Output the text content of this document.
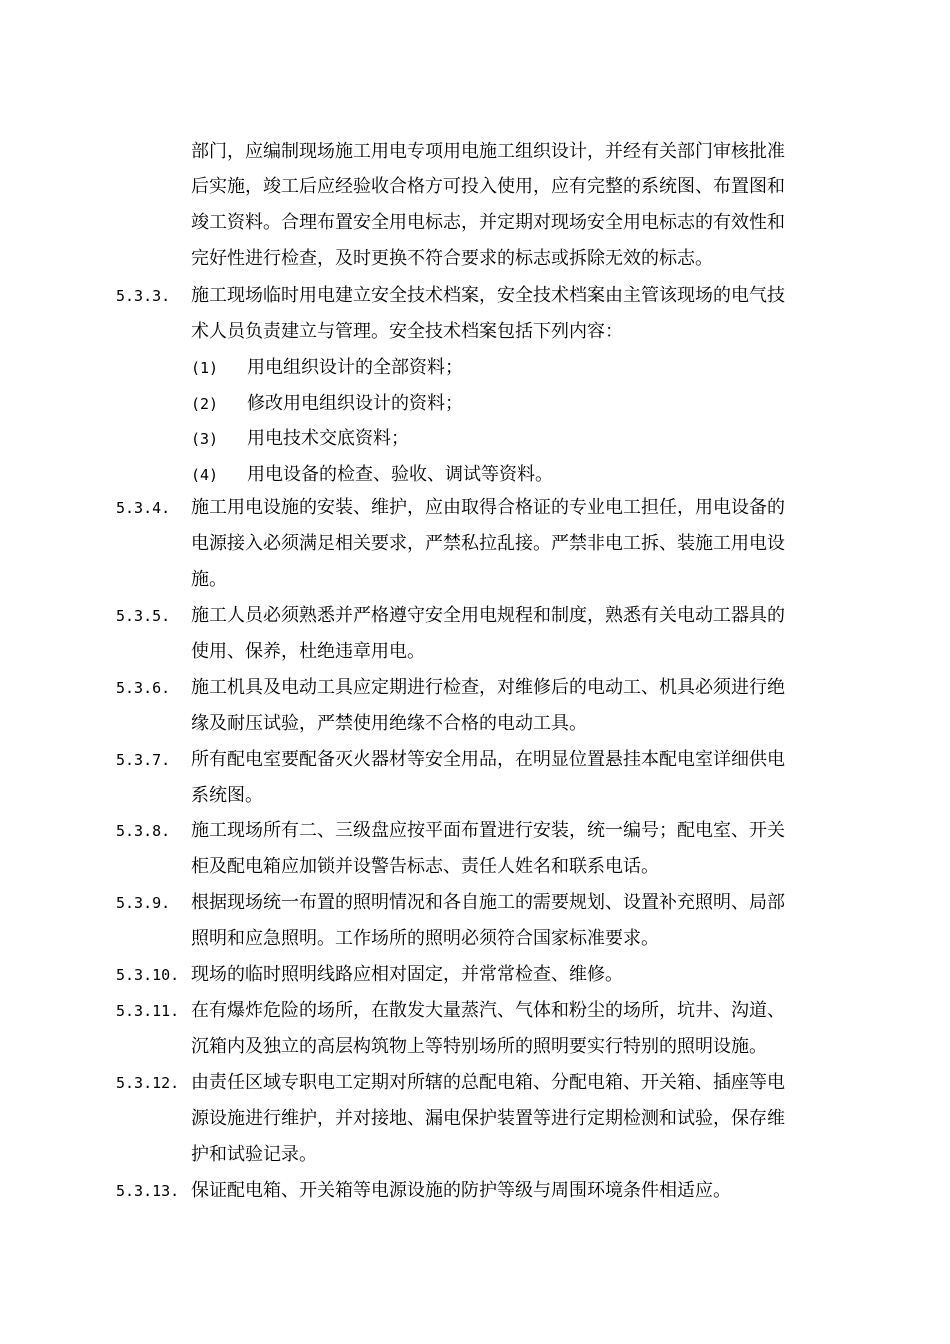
部门，应编制现场施工用电专项用电施工组织设计，并经有关部门审核批准
后实施，竣工后应经验收合格方可投入使用，应有完整的系统图、布置图和
竣工资料。合理布置安全用电标志，并定期对现场安全用电标志的有效性和
完好性进行检查，及时更换不符合要求的标志或拆除无效的标志。
5.3.3. 施工现场临时用电建立安全技术档案，安全技术档案由主管该现场的电气技
术人员负责建立与管理。安全技术档案包括下列内容：
(1) 用电组织设计的全部资料；
(2) 修改用电组织设计的资料；
(3) 用电技术交底资料；
(4) 用电设备的检查、验收、调试等资料。
5.3.4. 施工用电设施的安装、维护，应由取得合格证的专业电工担任，用电设备的
电源接入必须满足相关要求，严禁私拉乱接。严禁非电工拆、装施工用电设
施。
5.3.5. 施工人员必须熟悉并严格遵守安全用电规程和制度，熟悉有关电动工器具的
使用、保养，杜绝违章用电。
5.3.6. 施工机具及电动工具应定期进行检查，对维修后的电动工、机具必须进行绝
缘及耐压试验，严禁使用绝缘不合格的电动工具。
5.3.7. 所有配电室要配备灭火器材等安全用品，在明显位置悬挂本配电室详细供电
系统图。
5.3.8. 施工现场所有二、三级盘应按平面布置进行安装，统一编号；配电室、开关
柜及配电箱应加锁并设警告标志、责任人姓名和联系电话。
5.3.9. 根据现场统一布置的照明情况和各自施工的需要规划、设置补充照明、局部
照明和应急照明。工作场所的照明必须符合国家标准要求。
5.3.10. 现场的临时照明线路应相对固定，并常常检查、维修。
5.3.11. 在有爆炸危险的场所，在散发大量蒸汽、气体和粉尘的场所，坑井、沟道、
沉箱内及独立的高层构筑物上等特别场所的照明要实行特别的照明设施。
5.3.12. 由责任区域专职电工定期对所辖的总配电箱、分配电箱、开关箱、插座等电
源设施进行维护，并对接地、漏电保护装置等进行定期检测和试验，保存维
护和试验记录。
5.3.13. 保证配电箱、开关箱等电源设施的防护等级与周围环境条件相适应。
